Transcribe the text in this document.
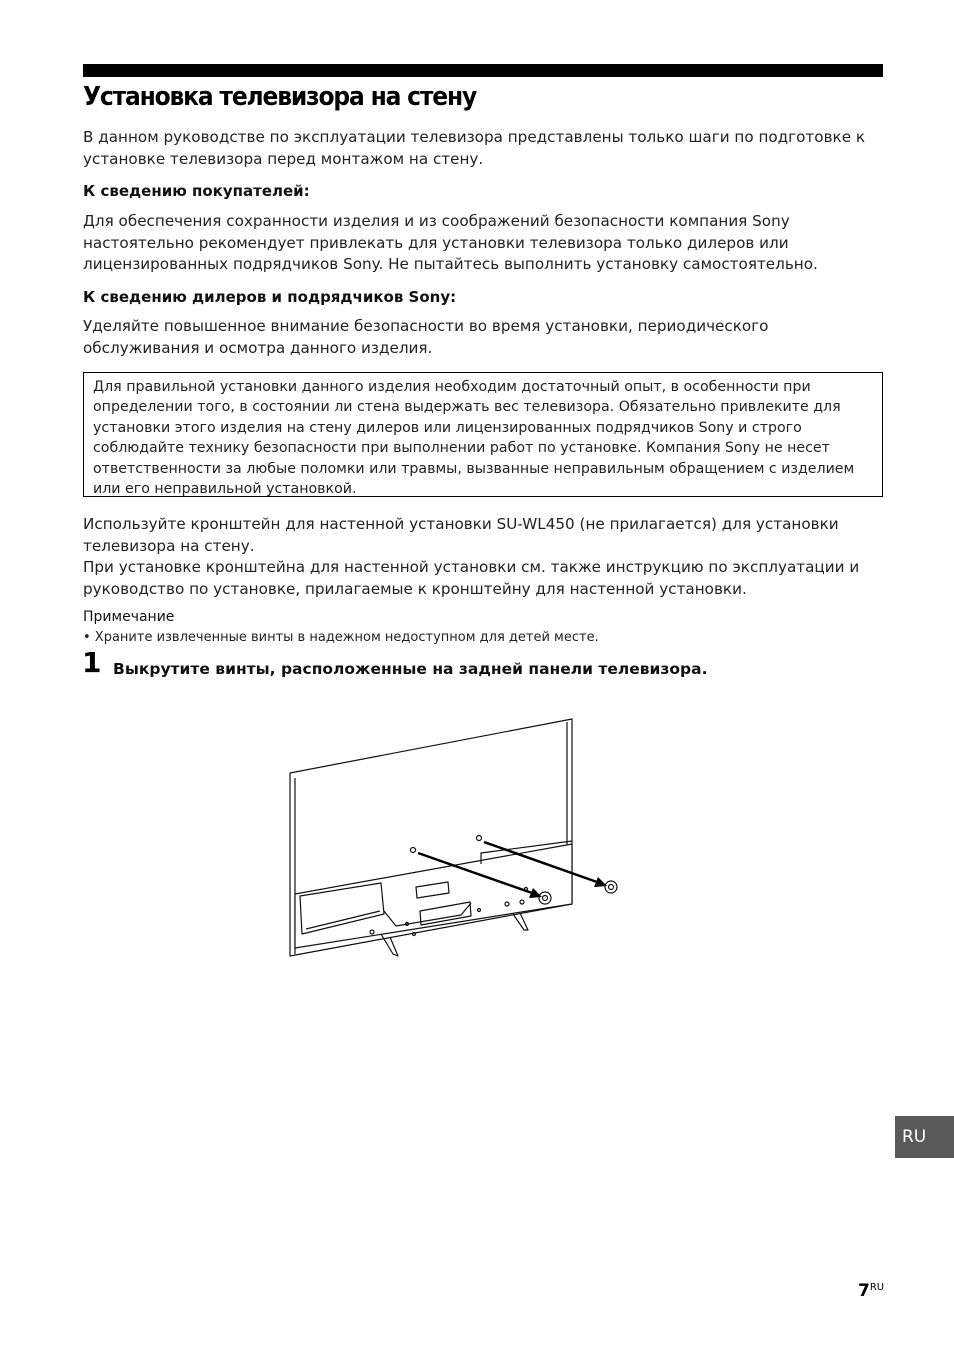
Установка телевизора на стену

В данном руководстве по эксплуатации телевизора представлены только шаги по подготовке к установке телевизора перед монтажом на стену.

К сведению покупателей:

Для обеспечения сохранности изделия и из соображений безопасности компания Sony настоятельно рекомендует привлекать для установки телевизора только дилеров или лицензированных подрядчиков Sony. Не пытайтесь выполнить установку самостоятельно.

К сведению дилеров и подрядчиков Sony:

Уделяйте повышенное внимание безопасности во время установки, периодического обслуживания и осмотра данного изделия.

Для правильной установки данного изделия необходим достаточный опыт, в особенности при определении того, в состоянии ли стена выдержать вес телевизора. Обязательно привлеките для установки этого изделия на стену дилеров или лицензированных подрядчиков Sony и строго соблюдайте технику безопасности при выполнении работ по установке. Компания Sony не несет ответственности за любые поломки или травмы, вызванные неправильным обращением с изделием или его неправильной установкой.

Используйте кронштейн для настенной установки SU-WL450 (не прилагается) для установки телевизора на стену.

При установке кронштейна для настенной установки см. также инструкцию по эксплуатации и руководство по установке, прилагаемые к кронштейну для настенной установки.

Примечание

• Храните извлеченные винты в надежном недоступном для детей месте.

1 Выкрутите винты, расположенные на задней панели телевизора.

RU
$7^{RU}$
